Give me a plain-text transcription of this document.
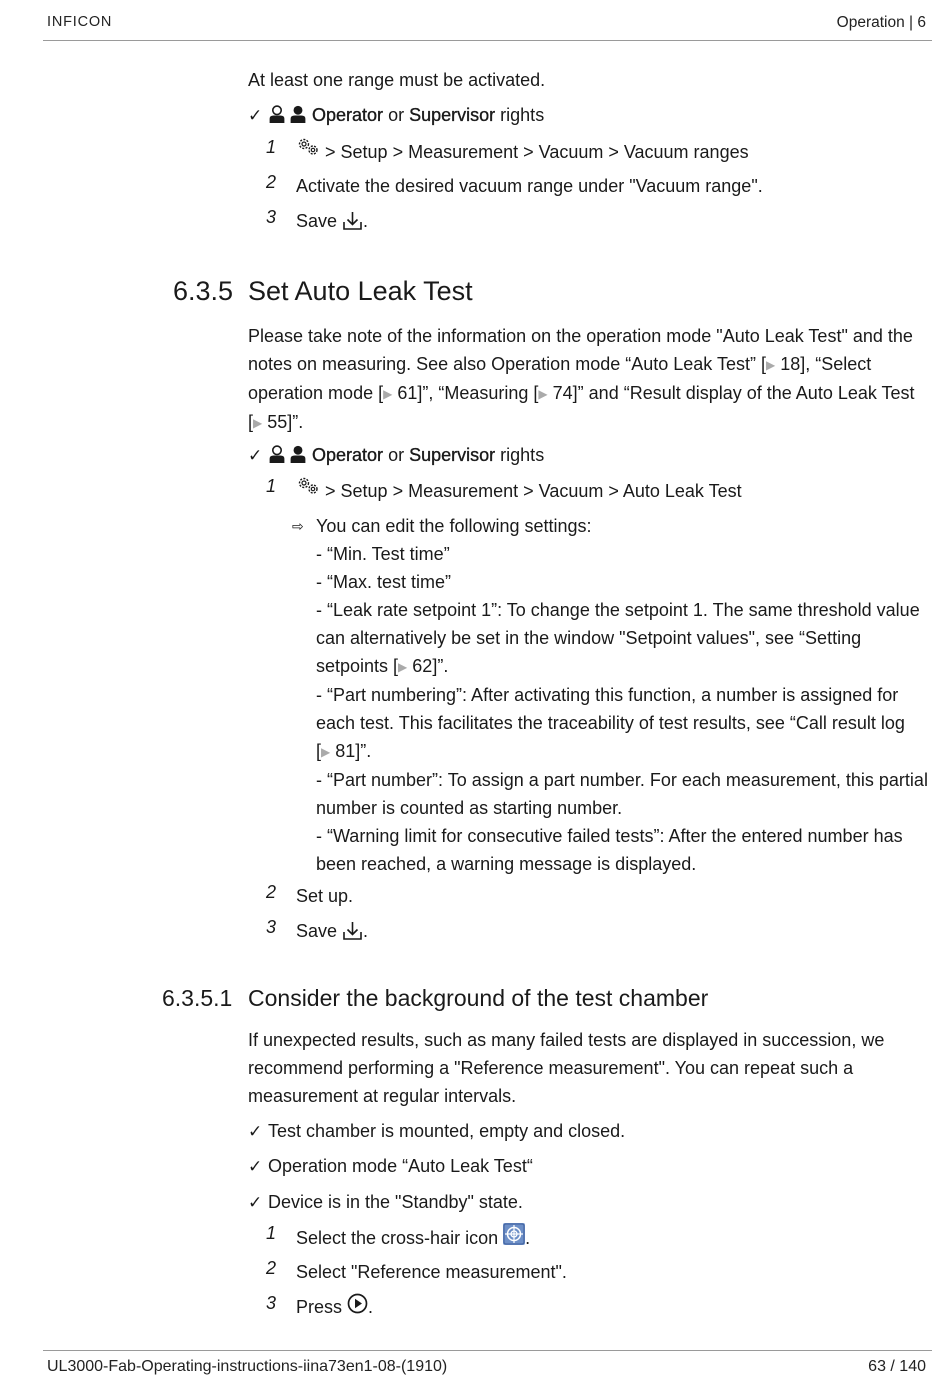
INFICON	Operation | 6
At least one range must be activated.
✓	Operator or Supervisor rights
1	> Setup > Measurement > Vacuum > Vacuum ranges
2	Activate the desired vacuum range under "Vacuum range".
3	Save .
6.3.5 Set Auto Leak Test
Please take note of the information on the operation mode "Auto Leak Test" and the notes on measuring. See also Operation mode “Auto Leak Test” [▶ 18], “Select operation mode [▶ 61]”, “Measuring [▶ 74]” and “Result display of the Auto Leak Test [▶ 55]”.
✓	Operator or Supervisor rights
1	> Setup > Measurement > Vacuum > Auto Leak Test
⇨ You can edit the following settings:
- “Min. Test time”
- “Max. test time”
- “Leak rate setpoint 1”: To change the setpoint 1. The same threshold value can alternatively be set in the window "Setpoint values", see “Setting setpoints [▶ 62]”.
- “Part numbering”: After activating this function, a number is assigned for each test. This facilitates the traceability of test results, see “Call result log [▶ 81]”.
- “Part number”: To assign a part number. For each measurement, this partial number is counted as starting number.
- “Warning limit for consecutive failed tests”: After the entered number has been reached, a warning message is displayed.
2	Set up.
3	Save .
6.3.5.1 Consider the background of the test chamber
If unexpected results, such as many failed tests are displayed in succession, we recommend performing a "Reference measurement". You can repeat such a measurement at regular intervals.
✓ Test chamber is mounted, empty and closed.
✓ Operation mode “Auto Leak Test“
✓ Device is in the "Standby" state.
1	Select the cross-hair icon .
2	Select "Reference measurement".
3	Press .
UL3000-Fab-Operating-instructions-iina73en1-08-(1910)	63 / 140
